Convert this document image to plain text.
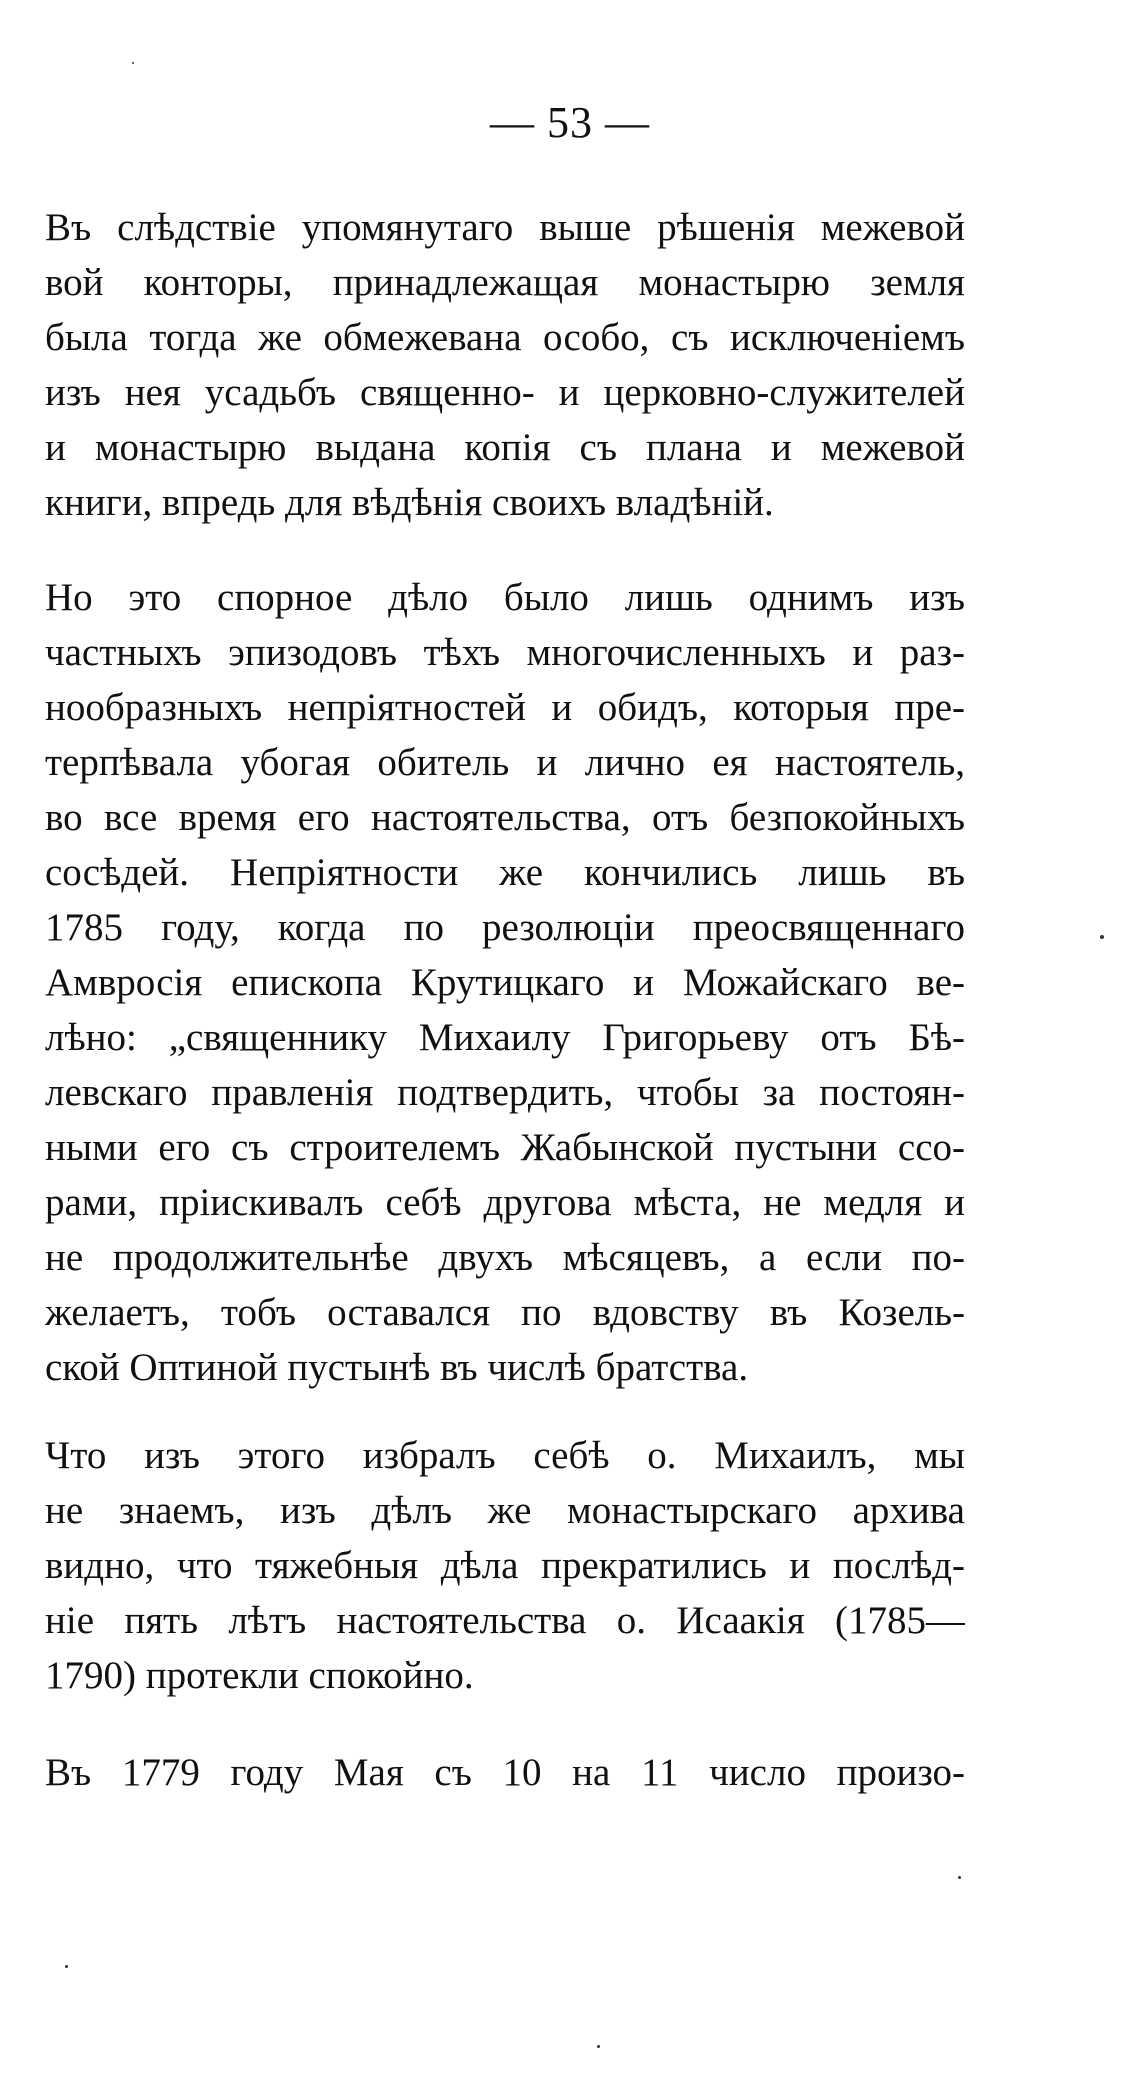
— 53 —
Въ слѣдствіе упомянутаго выше рѣшенія межевой
вой конторы, принадлежащая монастырю земля
была тогда же обмежевана особо, съ исключеніемъ
изъ нея усадьбъ священно- и церковно-служителей
и монастырю выдана копія съ плана и межевой
книги, впредь для вѣдѣнія своихъ владѣній.
Но это спорное дѣло было лишь однимъ изъ
частныхъ эпизодовъ тѣхъ многочисленныхъ и раз-
нообразныхъ непріятностей и обидъ, которыя пре-
терпѣвала убогая обитель и лично ея настоятель,
во все время его настоятельства, отъ безпокойныхъ
сосѣдей. Непріятности же кончились лишь въ
1785 году, когда по резолюціи преосвященнаго
Амвросія епископа Крутицкаго и Можайскаго ве-
лѣно: „священнику Михаилу Григорьеву отъ Бѣ-
левскаго правленія подтвердить, чтобы за постоян-
ными его съ строителемъ Жабынской пустыни ссо-
рами, пріискивалъ себѣ другова мѣста, не медля и
не продолжительнѣе двухъ мѣсяцевъ, а если по-
желаетъ, тобъ оставался по вдовству въ Козель-
ской Оптиной пустынѣ въ числѣ братства.
Что изъ этого избралъ себѣ о. Михаилъ, мы
не знаемъ, изъ дѣлъ же монастырскаго архива
видно, что тяжебныя дѣла прекратились и послѣд-
ніе пять лѣтъ настоятельства о. Исаакія (1785—
1790) протекли спокойно.
Въ 1779 году Мая съ 10 на 11 число произо-
